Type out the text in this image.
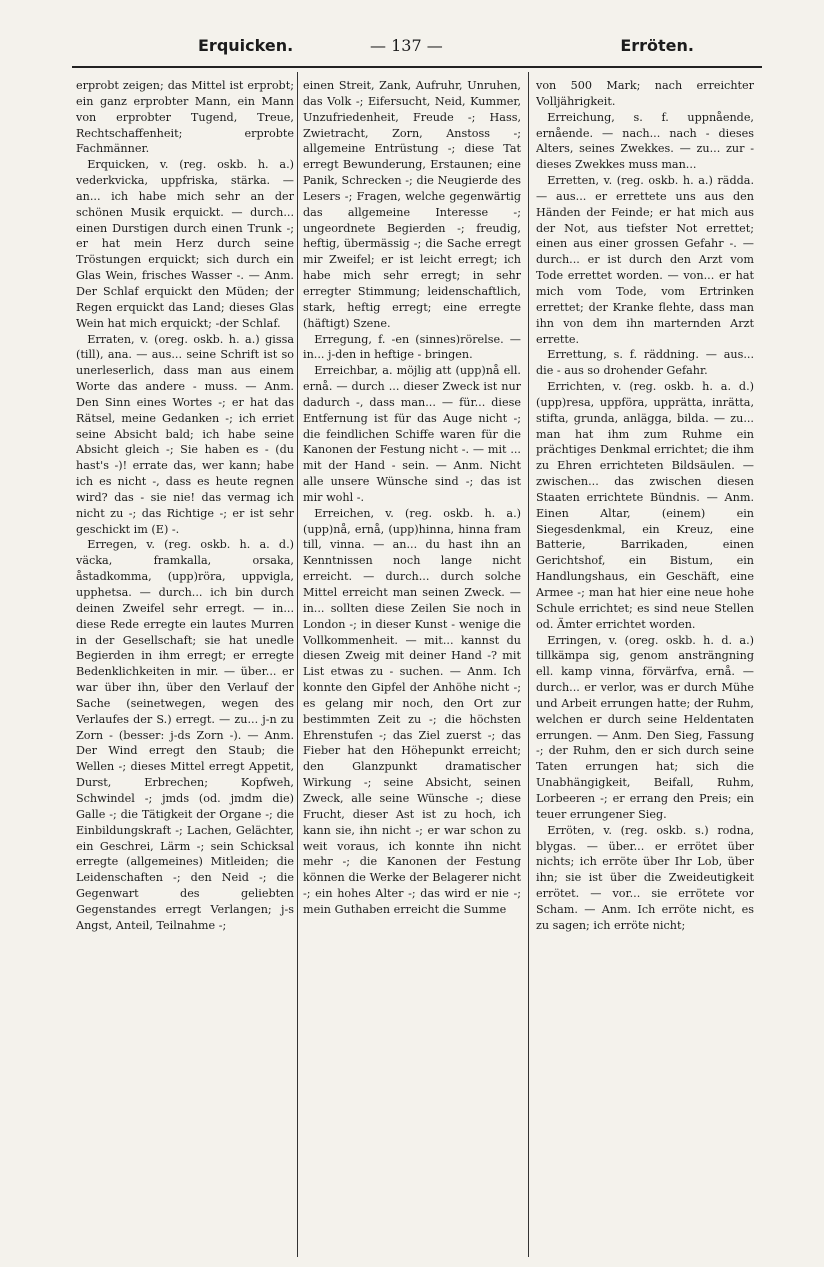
Erquicken.	— 137 —	Erröten.

erprobt zeigen; das Mittel ist erprobt; ein ganz erprobter Mann, ein Mann von erprobter Tugend, Treue, Rechtschaffenheit; erprobte Fachmänner.

Erquicken, v. (reg. oskb. h. a.) vederkvicka, uppfriska, stärka. — an... ich habe mich sehr an der schönen Musik erquickt. — durch... einen Durstigen durch einen Trunk -; er hat mein Herz durch seine Tröstungen erquickt; sich durch ein Glas Wein, frisches Wasser -. — Anm. Der Schlaf erquickt den Müden; der Regen erquickt das Land; dieses Glas Wein hat mich erquickt; -der Schlaf.

Erraten, v. (oreg. oskb. h. a.) gissa (till), ana. — aus... seine Schrift ist so unerleserlich, dass man aus einem Worte das andere - muss. — Anm. Den Sinn eines Wortes -; er hat das Rätsel, meine Gedanken -; ich erriet seine Absicht bald; ich habe seine Absicht gleich -; Sie haben es - (du hast's -)! errate das, wer kann; habe ich es nicht -, dass es heute regnen wird? das - sie nie! das vermag ich nicht zu -; das Richtige -; er ist sehr geschickt im (E) -.

Erregen, v. (reg. oskb. h. a. d.) väcka, framkalla, orsaka, åstadkomma, (upp)röra, uppvigla, upphetsa. — durch... ich bin durch deinen Zweifel sehr erregt. — in... diese Rede erregte ein lautes Murren in der Gesellschaft; sie hat unedle Begierden in ihm erregt; er erregte Bedenklichkeiten in mir. — über... er war über ihn, über den Verlauf der Sache (seinetwegen, wegen des Verlaufes der S.) erregt. — zu... j-n zu Zorn - (besser: j-ds Zorn -). — Anm. Der Wind erregt den Staub; die Wellen -; dieses Mittel erregt Appetit, Durst, Erbrechen; Kopfweh, Schwindel -; jmds (od. jmdm die) Galle -; die Tätigkeit der Organe -; die Einbildungskraft -; Lachen, Gelächter, ein Geschrei, Lärm -; sein Schicksal erregte (allgemeines) Mitleiden; die Leidenschaften -; den Neid -; die Gegenwart des geliebten Gegenstandes erregt Verlangen; j-s Angst, Anteil, Teilnahme -;

einen Streit, Zank, Aufruhr, Unruhen, das Volk -; Eifersucht, Neid, Kummer, Unzufriedenheit, Freude -; Hass, Zwietracht, Zorn, Anstoss -; allgemeine Entrüstung -; diese Tat erregt Bewunderung, Erstaunen; eine Panik, Schrecken -; die Neugierde des Lesers -; Fragen, welche gegenwärtig das allgemeine Interesse -; ungeordnete Begierden -; freudig, heftig, übermässig -; die Sache erregt mir Zweifel; er ist leicht erregt; ich habe mich sehr erregt; in sehr erregter Stimmung; leidenschaftlich, stark, heftig erregt; eine erregte (häftigt) Szene.

Erregung, f. -en (sinnes)rörelse. — in... j-den in heftige - bringen.

Erreichbar, a. möjlig att (upp)nå ell. ernå. — durch ... dieser Zweck ist nur dadurch -, dass man... — für... diese Entfernung ist für das Auge nicht -; die feindlichen Schiffe waren für die Kanonen der Festung nicht -. — mit ... mit der Hand - sein. — Anm. Nicht alle unsere Wünsche sind -; das ist mir wohl -.

Erreichen, v. (reg. oskb. h. a.) (upp)nå, ernå, (upp)hinna, hinna fram till, vinna. — an... du hast ihn an Kenntnissen noch lange nicht erreicht. — durch... durch solche Mittel erreicht man seinen Zweck. — in... sollten diese Zeilen Sie noch in London -; in dieser Kunst - wenige die Vollkommenheit. — mit... kannst du diesen Zweig mit deiner Hand -? mit List etwas zu - suchen. — Anm. Ich konnte den Gipfel der Anhöhe nicht -; es gelang mir noch, den Ort zur bestimmten Zeit zu -; die höchsten Ehrenstufen -; das Ziel zuerst -; das Fieber hat den Höhepunkt erreicht; den Glanzpunkt dramatischer Wirkung -; seine Absicht, seinen Zweck, alle seine Wünsche -; diese Frucht, dieser Ast ist zu hoch, ich kann sie, ihn nicht -; er war schon zu weit voraus, ich konnte ihn nicht mehr -; die Kanonen der Festung können die Werke der Belagerer nicht -; ein hohes Alter -; das wird er nie -; mein Guthaben erreicht die Summe

von 500 Mark; nach erreichter Volljährigkeit.

Erreichung, s. f. uppnående, ernående. — nach... nach - dieses Alters, seines Zwekkes. — zu... zur - dieses Zwekkes muss man...

Erretten, v. (reg. oskb. h. a.) rädda. — aus... er errettete uns aus den Händen der Feinde; er hat mich aus der Not, aus tiefster Not errettet; einen aus einer grossen Gefahr -. — durch... er ist durch den Arzt vom Tode errettet worden. — von... er hat mich vom Tode, vom Ertrinken errettet; der Kranke flehte, dass man ihn von dem ihn marternden Arzt errette.

Errettung, s. f. räddning. — aus... die - aus so drohender Gefahr.

Errichten, v. (reg. oskb. h. a. d.) (upp)resa, uppföra, upprätta, inrätta, stifta, grunda, anlägga, bilda. — zu... man hat ihm zum Ruhme ein prächtiges Denkmal errichtet; die ihm zu Ehren errichteten Bildsäulen. — zwischen... das zwischen diesen Staaten errichtete Bündnis. — Anm. Einen Altar, (einem) ein Siegesdenkmal, ein Kreuz, eine Batterie, Barrikaden, einen Gerichtshof, ein Bistum, ein Handlungshaus, ein Geschäft, eine Armee -; man hat hier eine neue hohe Schule errichtet; es sind neue Stellen od. Ämter errichtet worden.

Erringen, v. (oreg. oskb. h. d. a.) tillkämpa sig, genom ansträngning ell. kamp vinna, förvärfva, ernå. — durch... er verlor, was er durch Mühe und Arbeit errungen hatte; der Ruhm, welchen er durch seine Heldentaten errungen. — Anm. Den Sieg, Fassung -; der Ruhm, den er sich durch seine Taten errungen hat; sich die Unabhängigkeit, Beifall, Ruhm, Lorbeeren -; er errang den Preis; ein teuer errungener Sieg.

Erröten, v. (reg. oskb. s.) rodna, blygas. — über... er errötet über nichts; ich erröte über Ihr Lob, über ihn; sie ist über die Zweideutigkeit errötet. — vor... sie errötete vor Scham. — Anm. Ich erröte nicht, es zu sagen; ich erröte nicht;
